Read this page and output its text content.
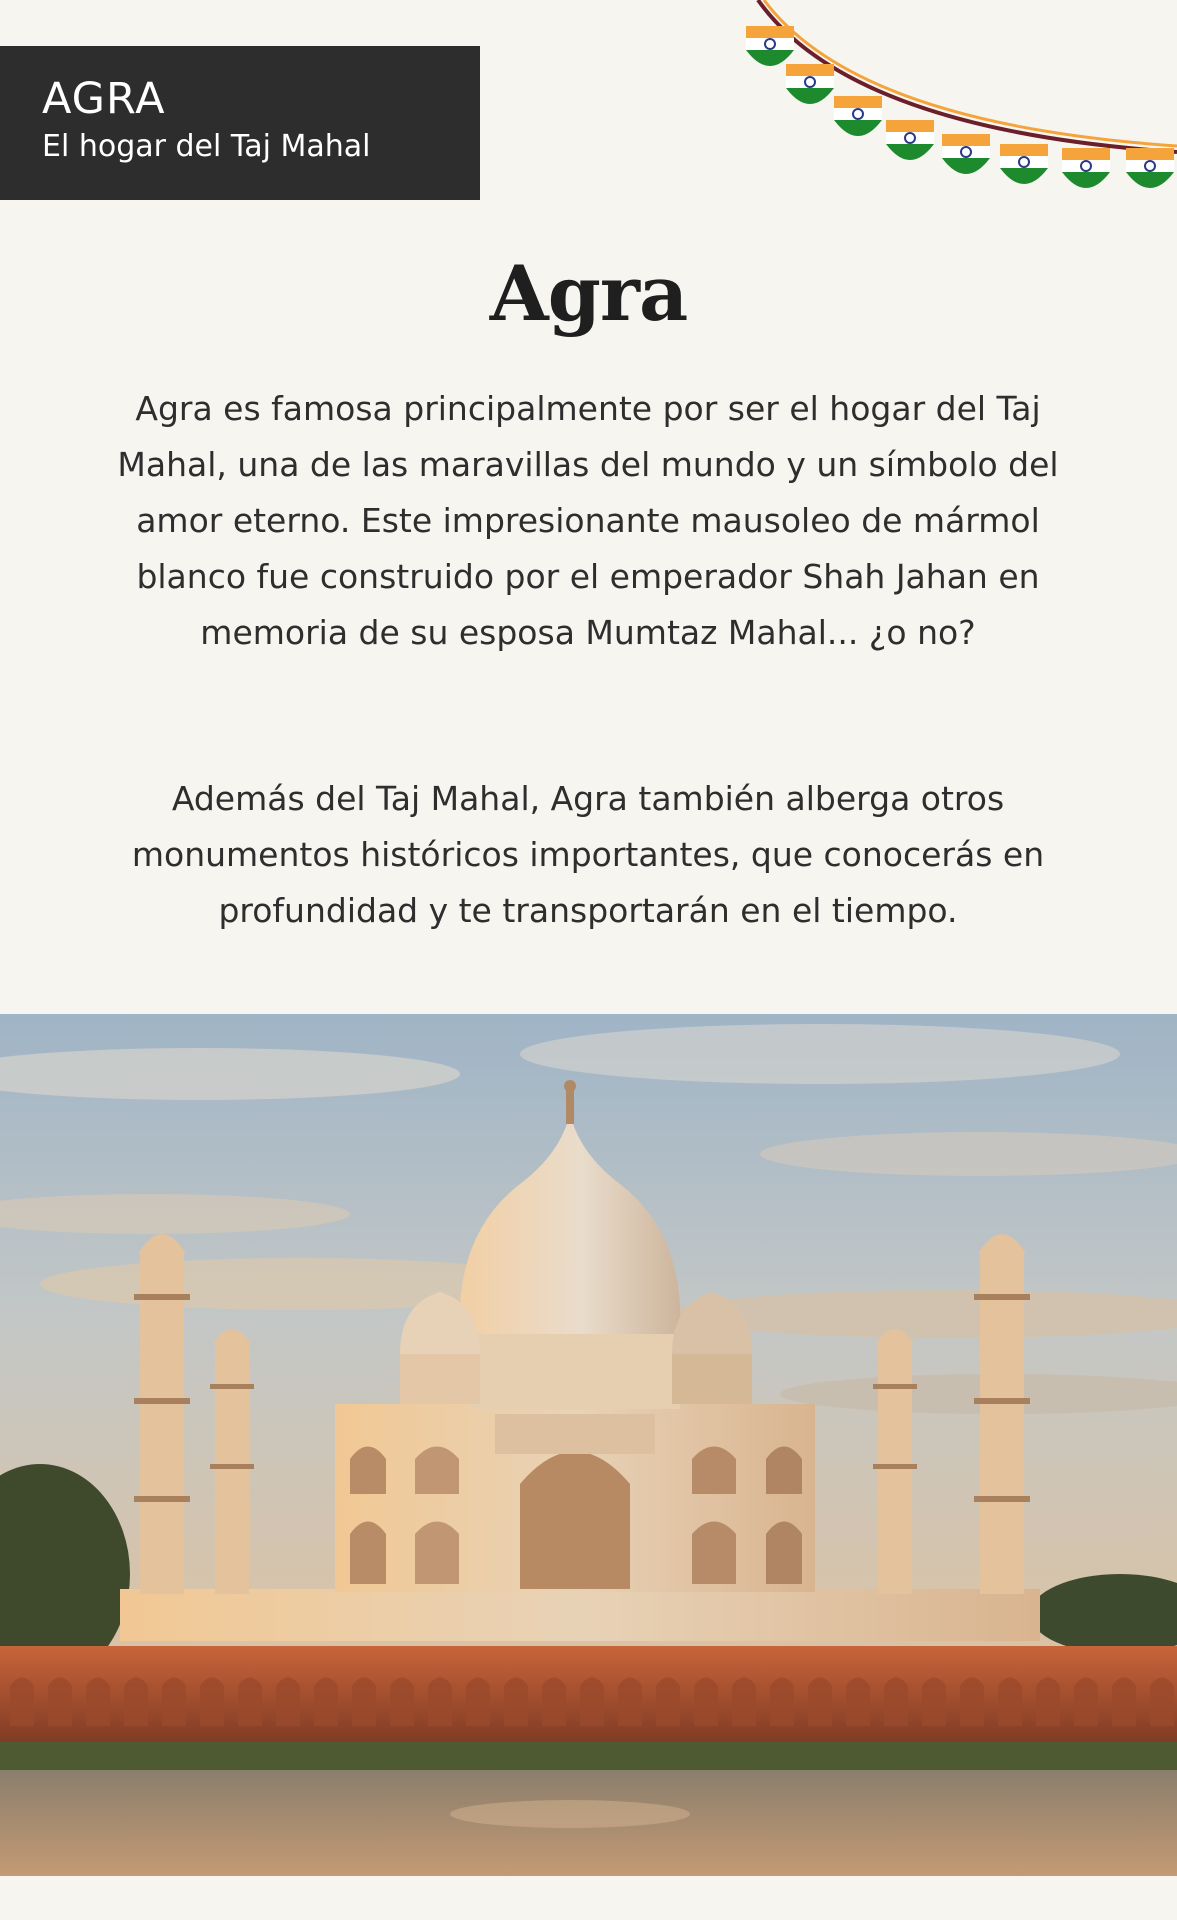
AGRA
El hogar del Taj Mahal
Agra
Agra es famosa principalmente por ser el hogar del Taj Mahal, una de las maravillas del mundo y un símbolo del amor eterno. Este impresionante mausoleo de mármol blanco fue construido por el emperador Shah Jahan en memoria de su esposa Mumtaz Mahal... ¿o no?
Además del Taj Mahal, Agra también alberga otros monumentos históricos importantes, que conocerás en profundidad y te transportarán en el tiempo.
